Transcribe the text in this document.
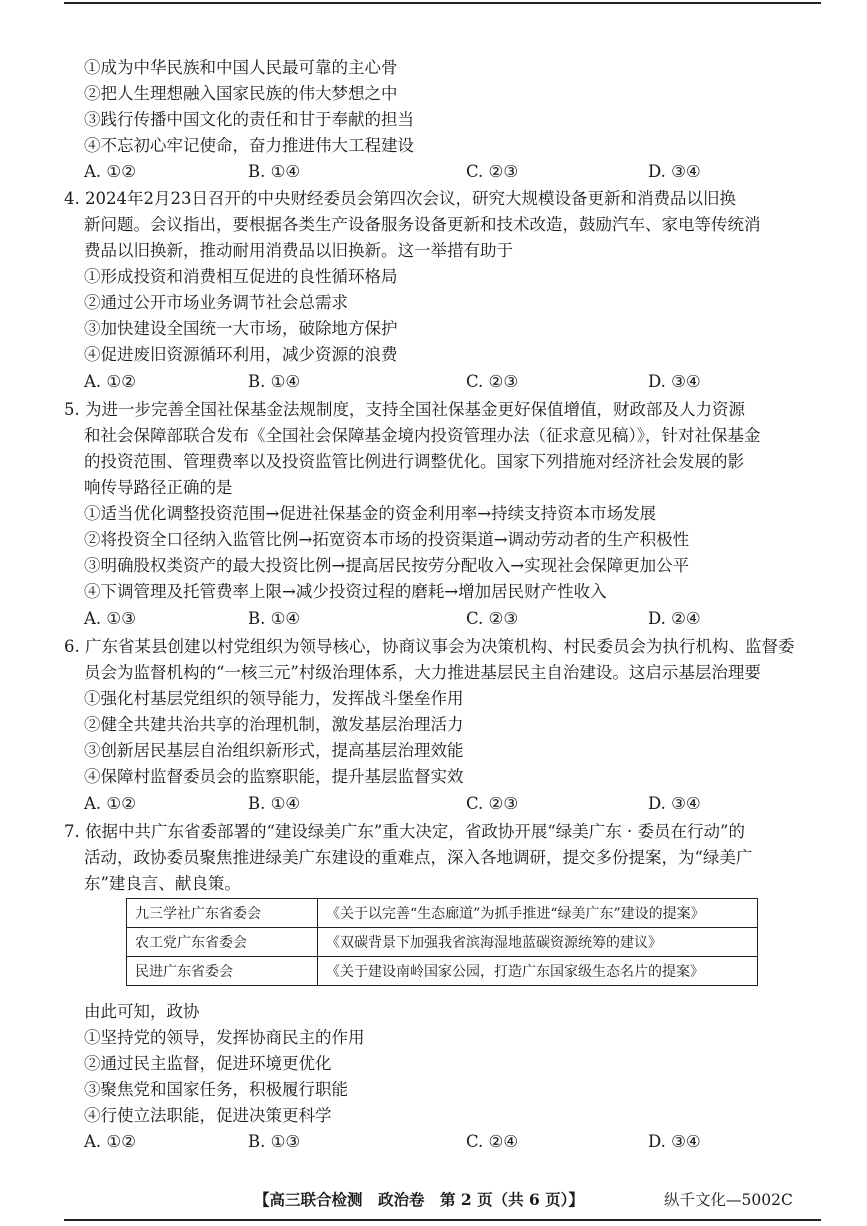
①成为中华民族和中国人民最可靠的主心骨
②把人生理想融入国家民族的伟大梦想之中
③践行传播中国文化的责任和甘于奉献的担当
④不忘初心牢记使命，奋力推进伟大工程建设
A. ①②	B. ①④	C. ②③	D. ③④
4. 2024年2月23日召开的中央财经委员会第四次会议，研究大规模设备更新和消费品以旧换
新问题。会议指出，要根据各类生产设备服务设备更新和技术改造，鼓励汽车、家电等传统消
费品以旧换新，推动耐用消费品以旧换新。这一举措有助于
①形成投资和消费相互促进的良性循环格局
②通过公开市场业务调节社会总需求
③加快建设全国统一大市场，破除地方保护
④促进废旧资源循环利用，减少资源的浪费
A. ①②	B. ①④	C. ②③	D. ③④
5. 为进一步完善全国社保基金法规制度，支持全国社保基金更好保值增值，财政部及人力资源
和社会保障部联合发布《全国社会保障基金境内投资管理办法（征求意见稿）》，针对社保基金
的投资范围、管理费率以及投资监管比例进行调整优化。国家下列措施对经济社会发展的影
响传导路径正确的是
①适当优化调整投资范围→促进社保基金的资金利用率→持续支持资本市场发展
②将投资全口径纳入监管比例→拓宽资本市场的投资渠道→调动劳动者的生产积极性
③明确股权类资产的最大投资比例→提高居民按劳分配收入→实现社会保障更加公平
④下调管理及托管费率上限→减少投资过程的磨耗→增加居民财产性收入
A. ①③	B. ①④	C. ②③	D. ②④
6. 广东省某县创建以村党组织为领导核心，协商议事会为决策机构、村民委员会为执行机构、监督委
员会为监督机构的“一核三元”村级治理体系，大力推进基层民主自治建设。这启示基层治理要
①强化村基层党组织的领导能力，发挥战斗堡垒作用
②健全共建共治共享的治理机制，激发基层治理活力
③创新居民基层自治组织新形式，提高基层治理效能
④保障村监督委员会的监察职能，提升基层监督实效
A. ①②	B. ①④	C. ②③	D. ③④
7. 依据中共广东省委部署的“建设绿美广东”重大决定，省政协开展“绿美广东 · 委员在行动”的
活动，政协委员聚焦推进绿美广东建设的重难点，深入各地调研，提交多份提案，为“绿美广
东”建良言、献良策。
九三学社广东省委会	《关于以完善“生态廊道”为抓手推进“绿美广东”建设的提案》
农工党广东省委会	《双碳背景下加强我省滨海湿地蓝碳资源统筹的建议》
民进广东省委会	《关于建设南岭国家公园，打造广东国家级生态名片的提案》
由此可知，政协
①坚持党的领导，发挥协商民主的作用
②通过民主监督，促进环境更优化
③聚焦党和国家任务，积极履行职能
④行使立法职能，促进决策更科学
A. ①②	B. ①③	C. ②④	D. ③④
【高三联合检测　政治卷　第 2 页（共 6 页）】	纵千文化—5002C
